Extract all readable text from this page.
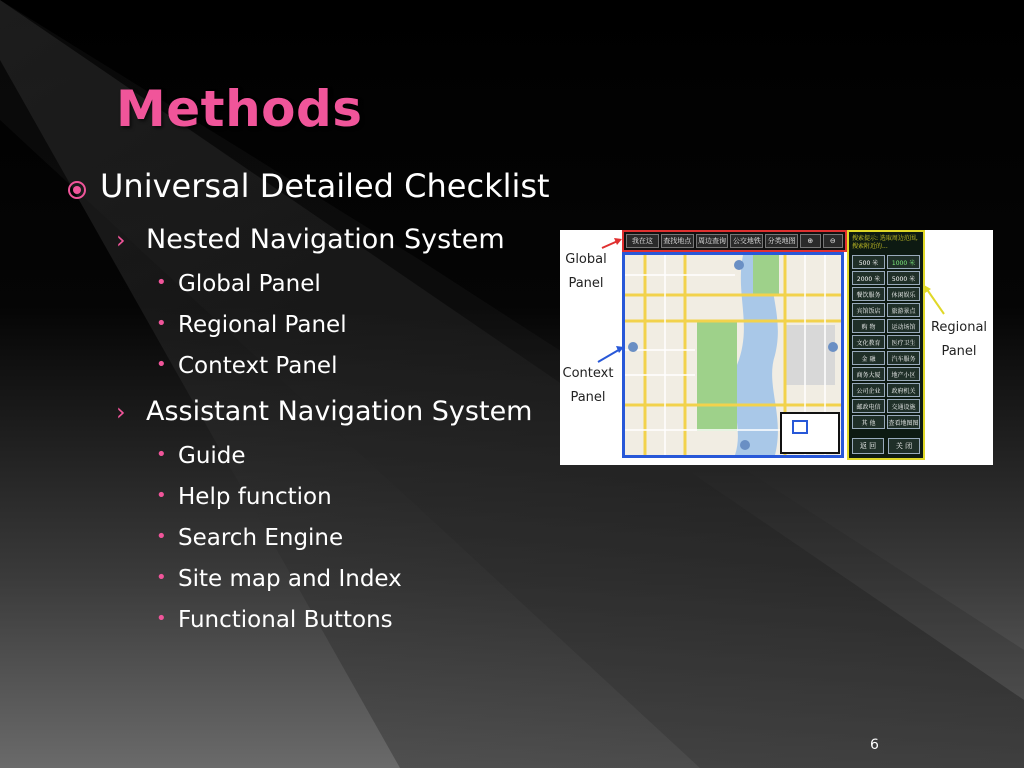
Methods
Universal Detailed Checklist
› Nested Navigation System
• Global Panel
• Regional Panel
• Context Panel
› Assistant Navigation System
• Guide
• Help function
• Search Engine
• Site map and Index
• Functional Buttons
Global Panel
Context Panel
Regional Panel
我在这	查找地点 周边查询 公交地铁 分类地图	⊕	⊖	搜索提示: 选取周边范围, 搜索附近的...
500 米	1000 米
2000 米	5000 米
餐饮服务	休闲娱乐
宾馆饭店	旅游景点
购 物	运动场馆
文化教育	医疗卫生
金 融	汽车服务
商务大厦	地产小区
公司企业	政府机关
邮政电信	交通设施
其 他	查看地图图
返 回	关 闭
6
